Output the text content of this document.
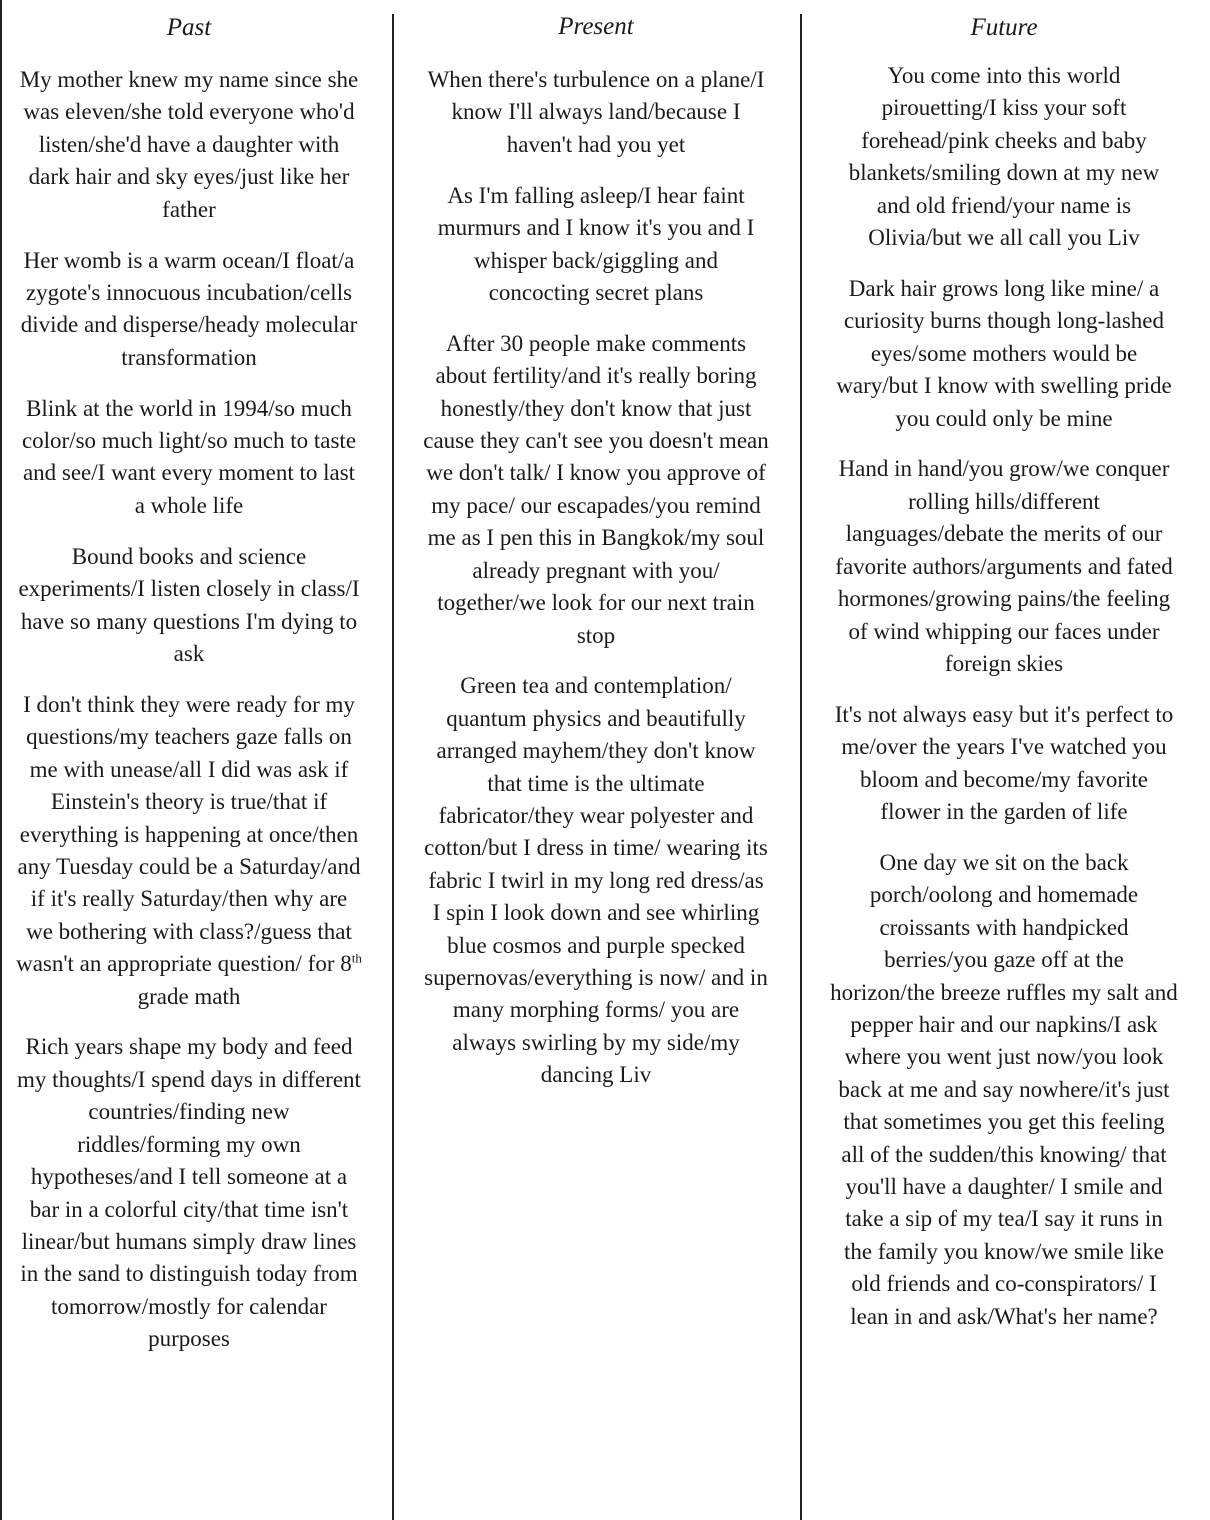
Past

My mother knew my name since she was eleven/she told everyone who'd listen/she'd have a daughter with dark hair and sky eyes/just like her father

Her womb is a warm ocean/I float/a zygote's innocuous incubation/cells divide and disperse/heady molecular transformation

Blink at the world in 1994/so much color/so much light/so much to taste and see/I want every moment to last a whole life

Bound books and science experiments/I listen closely in class/I have so many questions I'm dying to ask

I don't think they were ready for my questions/my teachers gaze falls on me with unease/all I did was ask if Einstein's theory is true/that if everything is happening at once/then any Tuesday could be a Saturday/and if it's really Saturday/then why are we bothering with class?/guess that wasn't an appropriate question/ for 8th grade math

Rich years shape my body and feed my thoughts/I spend days in different countries/finding new riddles/forming my own hypotheses/and I tell someone at a bar in a colorful city/that time isn't linear/but humans simply draw lines in the sand to distinguish today from tomorrow/mostly for calendar purposes

Present

When there's turbulence on a plane/I know I'll always land/because I haven't had you yet

As I'm falling asleep/I hear faint murmurs and I know it's you and I whisper back/giggling and concocting secret plans

After 30 people make comments about fertility/and it's really boring honestly/they don't know that just cause they can't see you doesn't mean we don't talk/ I know you approve of my pace/ our escapades/you remind me as I pen this in Bangkok/my soul already pregnant with you/ together/we look for our next train stop

Green tea and contemplation/ quantum physics and beautifully arranged mayhem/they don't know that time is the ultimate fabricator/they wear polyester and cotton/but I dress in time/ wearing its fabric I twirl in my long red dress/as I spin I look down and see whirling blue cosmos and purple specked supernovas/everything is now/ and in many morphing forms/ you are always swirling by my side/my dancing Liv

Future

You come into this world pirouetting/I kiss your soft forehead/pink cheeks and baby blankets/smiling down at my new and old friend/your name is Olivia/but we all call you Liv

Dark hair grows long like mine/ a curiosity burns though long-lashed eyes/some mothers would be wary/but I know with swelling pride you could only be mine

Hand in hand/you grow/we conquer rolling hills/different languages/debate the merits of our favorite authors/arguments and fated hormones/growing pains/the feeling of wind whipping our faces under foreign skies

It's not always easy but it's perfect to me/over the years I've watched you bloom and become/my favorite flower in the garden of life

One day we sit on the back porch/oolong and homemade croissants with handpicked berries/you gaze off at the horizon/the breeze ruffles my salt and pepper hair and our napkins/I ask where you went just now/you look back at me and say nowhere/it's just that sometimes you get this feeling all of the sudden/this knowing/ that you'll have a daughter/ I smile and take a sip of my tea/I say it runs in the family you know/we smile like old friends and co-conspirators/ I lean in and ask/What's her name?
